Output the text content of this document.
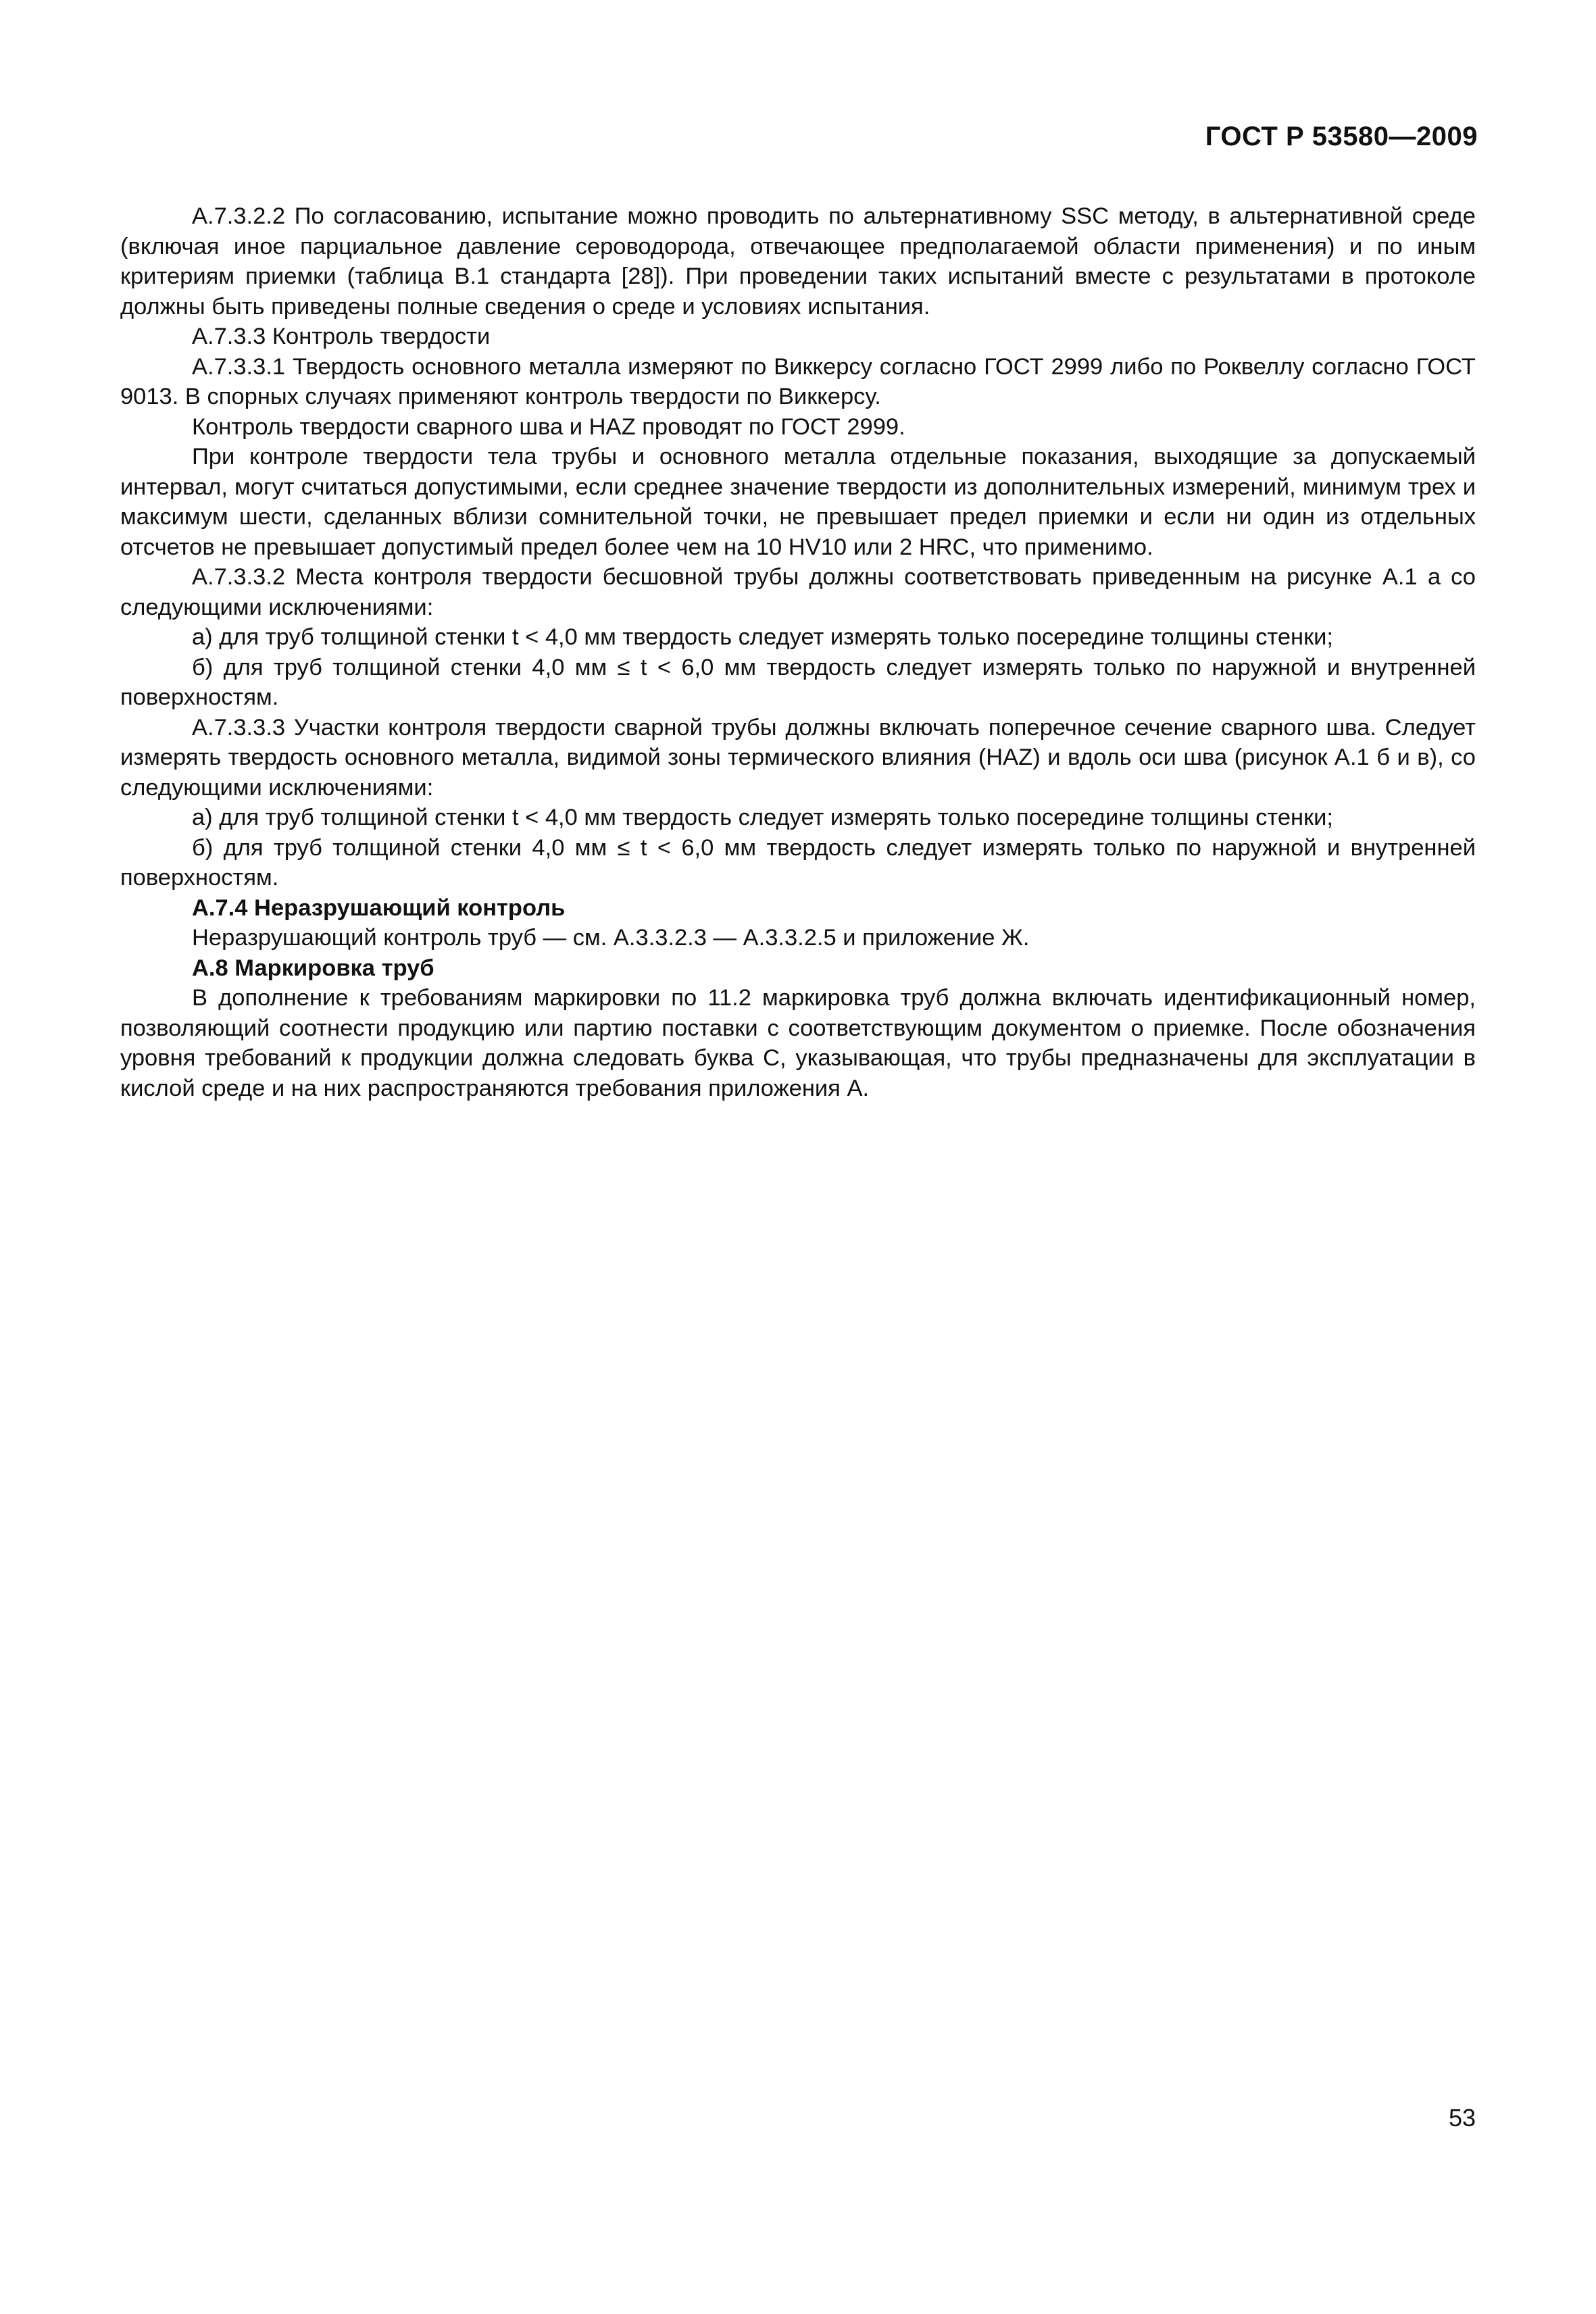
ГОСТ Р 53580—2009

А.7.3.2.2 По согласованию, испытание можно проводить по альтернативному SSC методу, в альтернативной среде (включая иное парциальное давление сероводорода, отвечающее предполагаемой области применения) и по иным критериям приемки (таблица В.1 стандарта [28]). При проведении таких испытаний вместе с результатами в протоколе должны быть приведены полные сведения о среде и условиях испытания.

А.7.3.3 Контроль твердости

А.7.3.3.1 Твердость основного металла измеряют по Виккерсу согласно ГОСТ 2999 либо по Роквеллу согласно ГОСТ 9013. В спорных случаях применяют контроль твердости по Виккерсу.

Контроль твердости сварного шва и HAZ проводят по ГОСТ 2999.

При контроле твердости тела трубы и основного металла отдельные показания, выходящие за допускаемый интервал, могут считаться допустимыми, если среднее значение твердости из дополнительных измерений, минимум трех и максимум шести, сделанных вблизи сомнительной точки, не превышает предел приемки и если ни один из отдельных отсчетов не превышает допустимый предел более чем на 10 HV10 или 2 HRC, что применимо.

А.7.3.3.2 Места контроля твердости бесшовной трубы должны соответствовать приведенным на рисунке А.1 а со следующими исключениями:

а) для труб толщиной стенки t < 4,0 мм твердость следует измерять только посередине толщины стенки;

б) для труб толщиной стенки 4,0 мм ≤ t < 6,0 мм твердость следует измерять только по наружной и внутренней поверхностям.

А.7.3.3.3 Участки контроля твердости сварной трубы должны включать поперечное сечение сварного шва. Следует измерять твердость основного металла, видимой зоны термического влияния (HAZ) и вдоль оси шва (рисунок А.1 б и в), со следующими исключениями:

а) для труб толщиной стенки t < 4,0 мм твердость следует измерять только посередине толщины стенки;

б) для труб толщиной стенки 4,0 мм ≤ t < 6,0 мм твердость следует измерять только по наружной и внутренней поверхностям.

А.7.4 Неразрушающий контроль

Неразрушающий контроль труб — см. А.3.3.2.3 — А.3.3.2.5 и приложение Ж.

А.8 Маркировка труб

В дополнение к требованиям маркировки по 11.2 маркировка труб должна включать идентификационный номер, позволяющий соотнести продукцию или партию поставки с соответствующим документом о приемке. После обозначения уровня требований к продукции должна следовать буква С, указывающая, что трубы предназначены для эксплуатации в кислой среде и на них распространяются требования приложения А.

53
